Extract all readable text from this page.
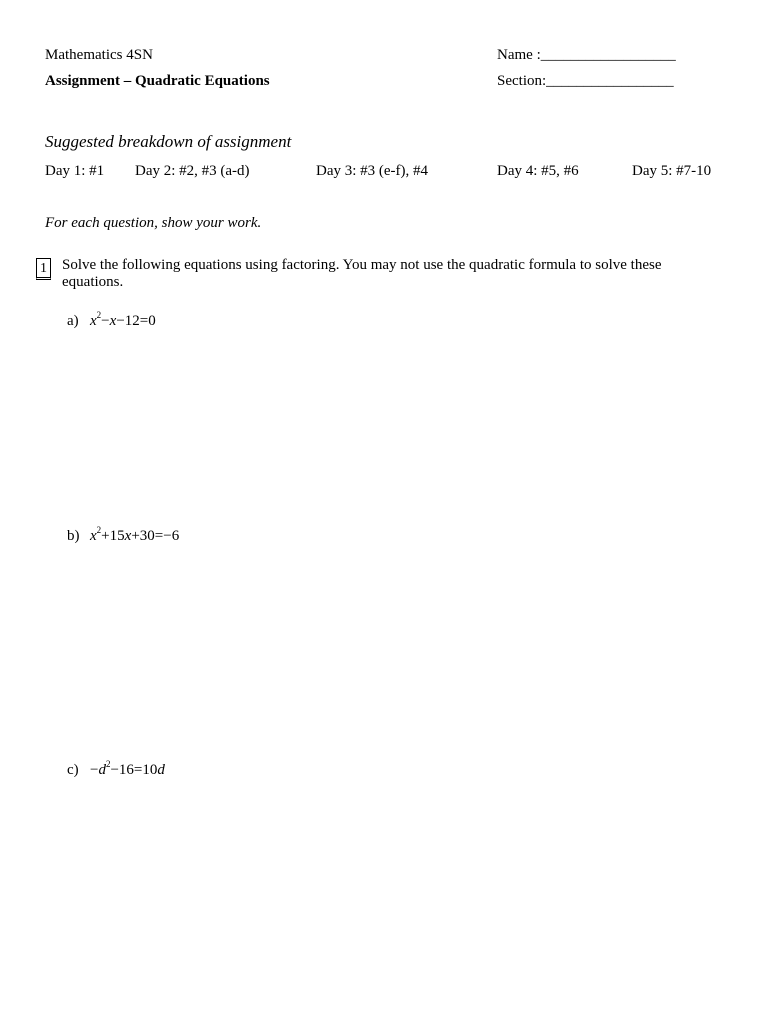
Mathematics 4SN
Assignment – Quadratic Equations
Name :__________________
Section:_________________
Suggested breakdown of assignment
Day 1: #1 Day 2: #2, #3 (a-d)	Day 3: #3 (e-f), #4	Day 4: #5, #6	Day 5: #7-10
For each question, show your work.
1 Solve the following equations using factoring. You may not use the quadratic formula to solve these equations.
a) $x^2-x-12=0$
b) $x^2+15x+30=-6$
$c) -d^2-16=10d$
